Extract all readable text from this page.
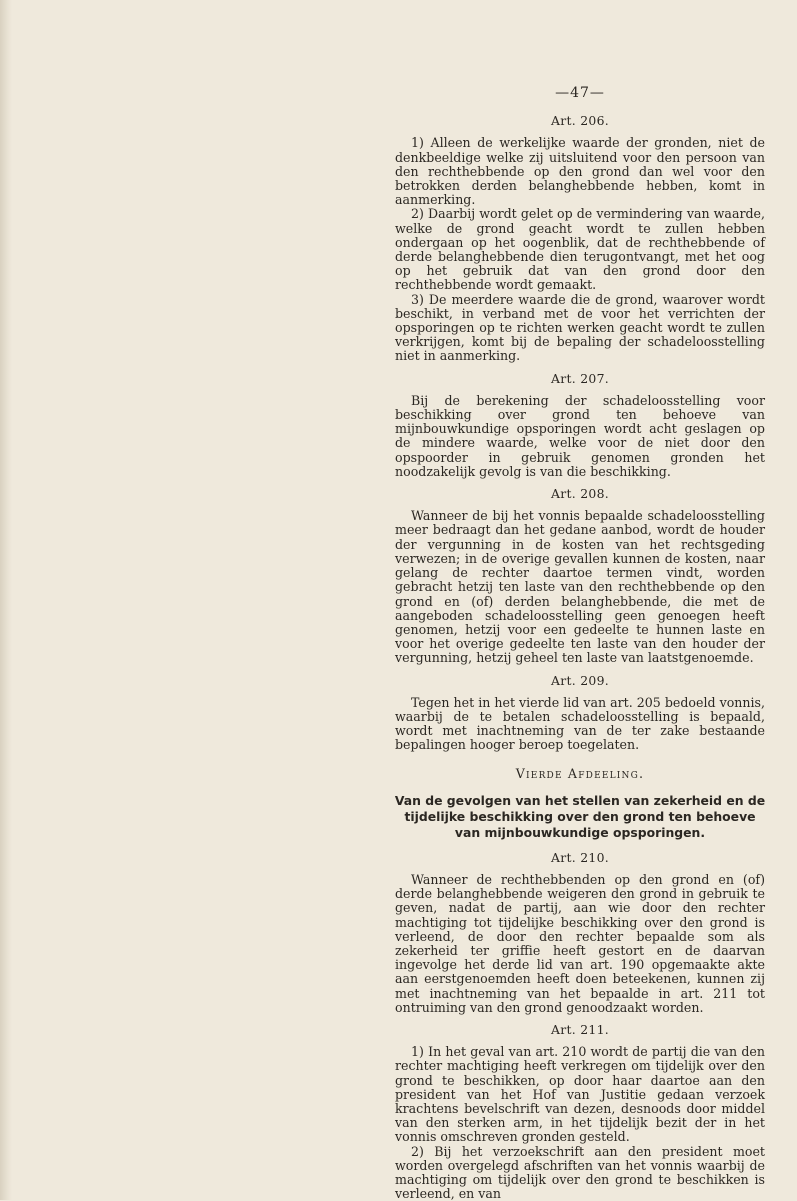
—47—
Art. 206.

1) Alleen de werkelijke waarde der gronden, niet de denkbeeldige welke zij uitsluitend voor den persoon van den rechthebbende op den grond dan wel voor den betrokken derden belanghebbende hebben, komt in aanmerking.

2) Daarbij wordt gelet op de vermindering van waarde, welke de grond geacht wordt te zullen hebben ondergaan op het oogenblik, dat de rechthebbende of derde belanghebbende dien terugontvangt, met het oog op het gebruik dat van den grond door den rechthebbende wordt gemaakt.

3) De meerdere waarde die de grond, waarover wordt beschikt, in verband met de voor het verrichten der opsporingen op te richten werken geacht wordt te zullen verkrijgen, komt bij de bepaling der schadeloosstelling niet in aanmerking.

Art. 207.

Bij de berekening der schadeloosstelling voor beschikking over grond ten behoeve van mijnbouwkundige opsporingen wordt acht geslagen op de mindere waarde, welke voor de niet door den opspoorder in gebruik genomen gronden het noodzakelijk gevolg is van die beschikking.

Art. 208.

Wanneer de bij het vonnis bepaalde schadeloosstelling meer bedraagt dan het gedane aanbod, wordt de houder der vergunning in de kosten van het rechtsgeding verwezen; in de overige gevallen kunnen de kosten, naar gelang de rechter daartoe termen vindt, worden gebracht hetzij ten laste van den rechthebbende op den grond en (of) derden belanghebbende, die met de aangeboden schadeloosstelling geen genoegen heeft genomen, hetzij voor een gedeelte te hunnen laste en voor het overige gedeelte ten laste van den houder der vergunning, hetzij geheel ten laste van laatstgenoemde.

Art. 209.

Tegen het in het vierde lid van art. 205 bedoeld vonnis, waarbij de te betalen schadeloosstelling is bepaald, wordt met inachtneming van de ter zake bestaande bepalingen hooger beroep toegelaten.

Vierde Afdeeling.
Van de gevolgen van het stellen van zekerheid en de tijdelijke beschikking over den grond ten behoeve van mijnbouwkundige opsporingen.
Art. 210.

Wanneer de rechthebbenden op den grond en (of) derde belanghebbende weigeren den grond in gebruik te geven, nadat de partij, aan wie door den rechter machtiging tot tijdelijke beschikking over den grond is verleend, de door den rechter bepaalde som als zekerheid ter griffie heeft gestort en de daarvan ingevolge het derde lid van art. 190 opgemaakte akte aan eerstgenoemden heeft doen beteekenen, kunnen zij met inachtneming van het bepaalde in art. 211 tot ontruiming van den grond genoodzaakt worden.

Art. 211.

1) In het geval van art. 210 wordt de partij die van den rechter machtiging heeft verkregen om tijdelijk over den grond te beschikken, op door haar daartoe aan den president van het Hof van Justitie gedaan verzoek krachtens bevelschrift van dezen, desnoods door middel van den sterken arm, in het tijdelijk bezit der in het vonnis omschreven gronden gesteld.

2) Bij het verzoekschrift aan den president moet worden overgelegd afschriften van het vonnis waarbij de machtiging om tijdelijk over den grond te beschikken is verleend, en van
